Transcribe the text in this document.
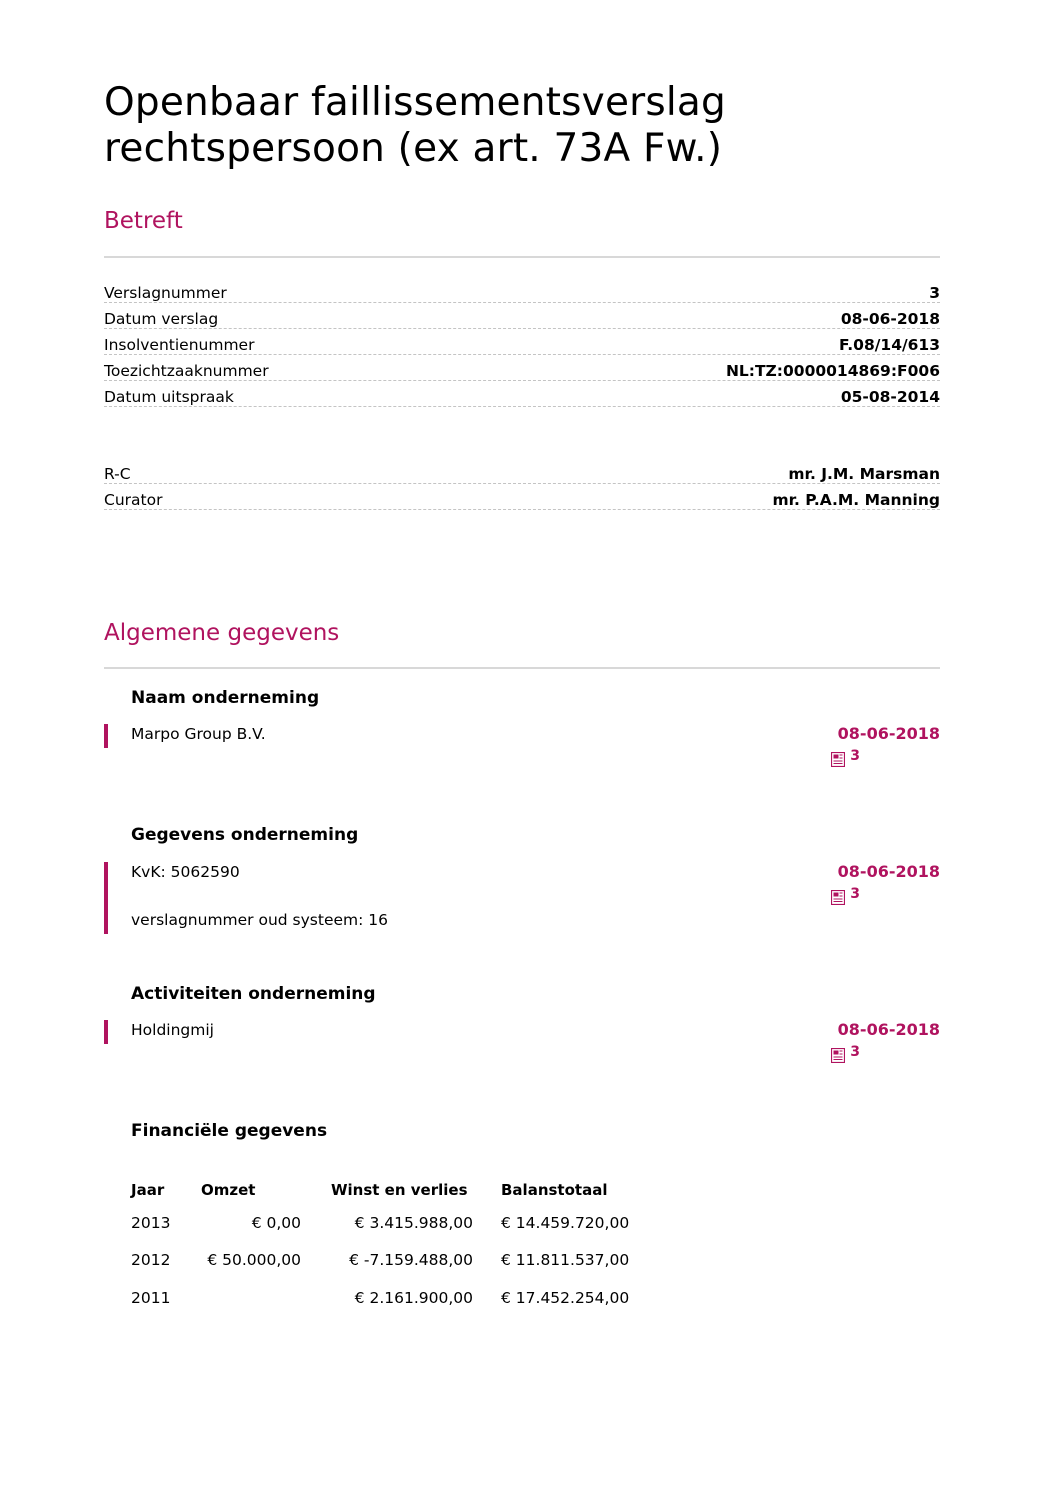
Openbaar faillissementsverslag
rechtspersoon (ex art. 73A Fw.)
Betreft
Verslagnummer	3
Datum verslag	08-06-2018
Insolventienummer	F.08/14/613
Toezichtzaaknummer	NL:TZ:0000014869:F006
Datum uitspraak	05-08-2014
R-C	mr. J.M. Marsman
Curator	mr. P.A.M. Manning
Algemene gegevens
Naam onderneming
Marpo Group B.V.	08-06-2018
3
Gegevens onderneming
KvK: 5062590
verslagnummer oud systeem: 16
08-06-2018
3
Activiteiten onderneming
Holdingmij	08-06-2018
3
Financiële gegevens
Jaar	Omzet	Winst en verlies	Balanstotaal
2013	€ 0,00	€ 3.415.988,00	€ 14.459.720,00
2012	€ 50.000,00	€ -7.159.488,00	€ 11.811.537,00
2011		€ 2.161.900,00	€ 17.452.254,00
